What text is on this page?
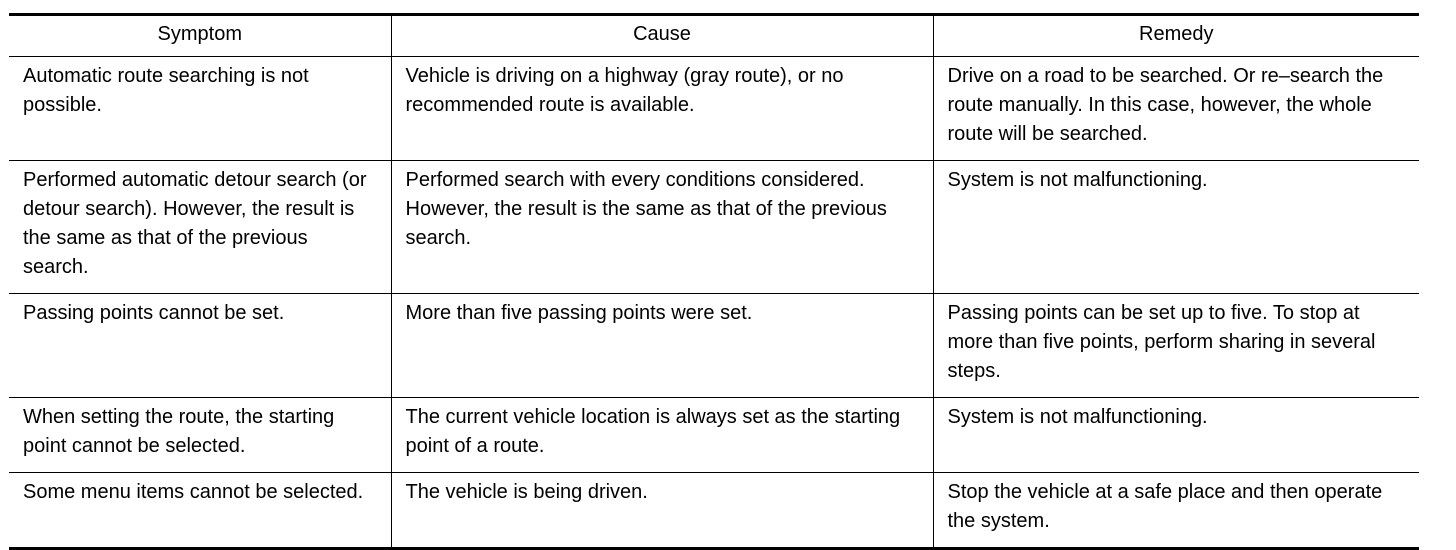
Symptom	Cause	Remedy
Automatic route searching is not possible.	Vehicle is driving on a highway (gray route), or no recommended route is available.	Drive on a road to be searched. Or re–search the route manually. In this case, however, the whole route will be searched.
Performed automatic detour search (or detour search). However, the result is the same as that of the previous search.	Performed search with every conditions considered. However, the result is the same as that of the previous search.	System is not malfunctioning.
Passing points cannot be set.	More than five passing points were set.	Passing points can be set up to five. To stop at more than five points, perform sharing in several steps.
When setting the route, the starting point cannot be selected.	The current vehicle location is always set as the starting point of a route.	System is not malfunctioning.
Some menu items cannot be selected.	The vehicle is being driven.	Stop the vehicle at a safe place and then operate the system.
